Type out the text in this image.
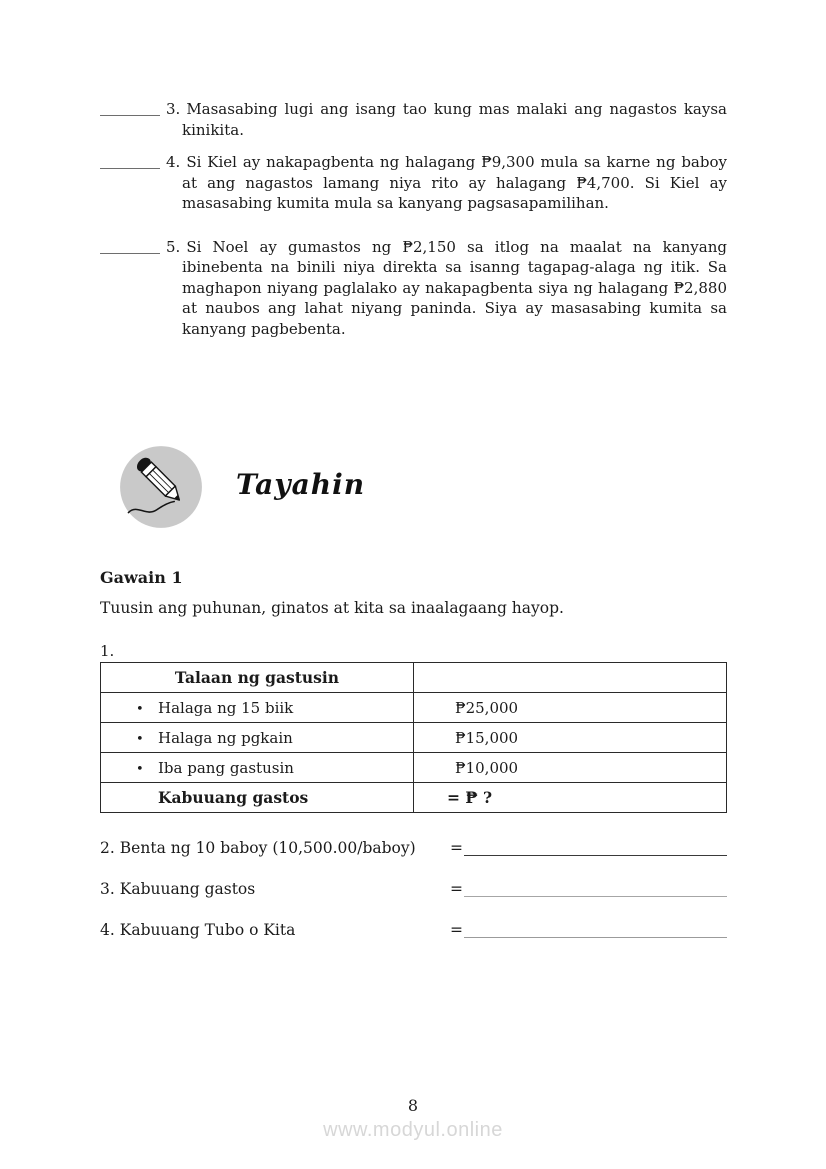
3. Masasabing lugi ang isang tao kung mas malaki ang nagastos kaysa kinikita.

4. Si Kiel ay nakapagbenta ng halagang ₱9,300 mula sa karne ng baboy at ang nagastos lamang niya rito ay halagang ₱4,700. Si Kiel ay masasabing kumita mula sa kanyang pagsasapamilihan.

5. Si Noel ay gumastos ng ₱2,150 sa itlog na maalat na kanyang ibinebenta na binili niya direkta sa isanng tagapag-alaga ng itik. Sa maghapon niyang paglalako ay nakapagbenta siya ng halagang ₱2,880 at naubos ang lahat niyang paninda. Siya ay masasabing kumita sa kanyang pagbebenta.

Tayahin
Gawain 1

Tuusin ang puhunan, ginatos at kita sa inaalagaang hayop.

1.

Talaan ng gastusin	
• Halaga ng 15 biik	₱25,000
• Halaga ng pgkain	₱15,000
• Iba pang gastusin	₱10,000
Kabuuang gastos	= ₱ ?
2. Benta ng 10 baboy (10,500.00/baboy)	=
3. Kabuuang gastos	=
4. Kabuuang Tubo o Kita	=
8
www.modyul.online
